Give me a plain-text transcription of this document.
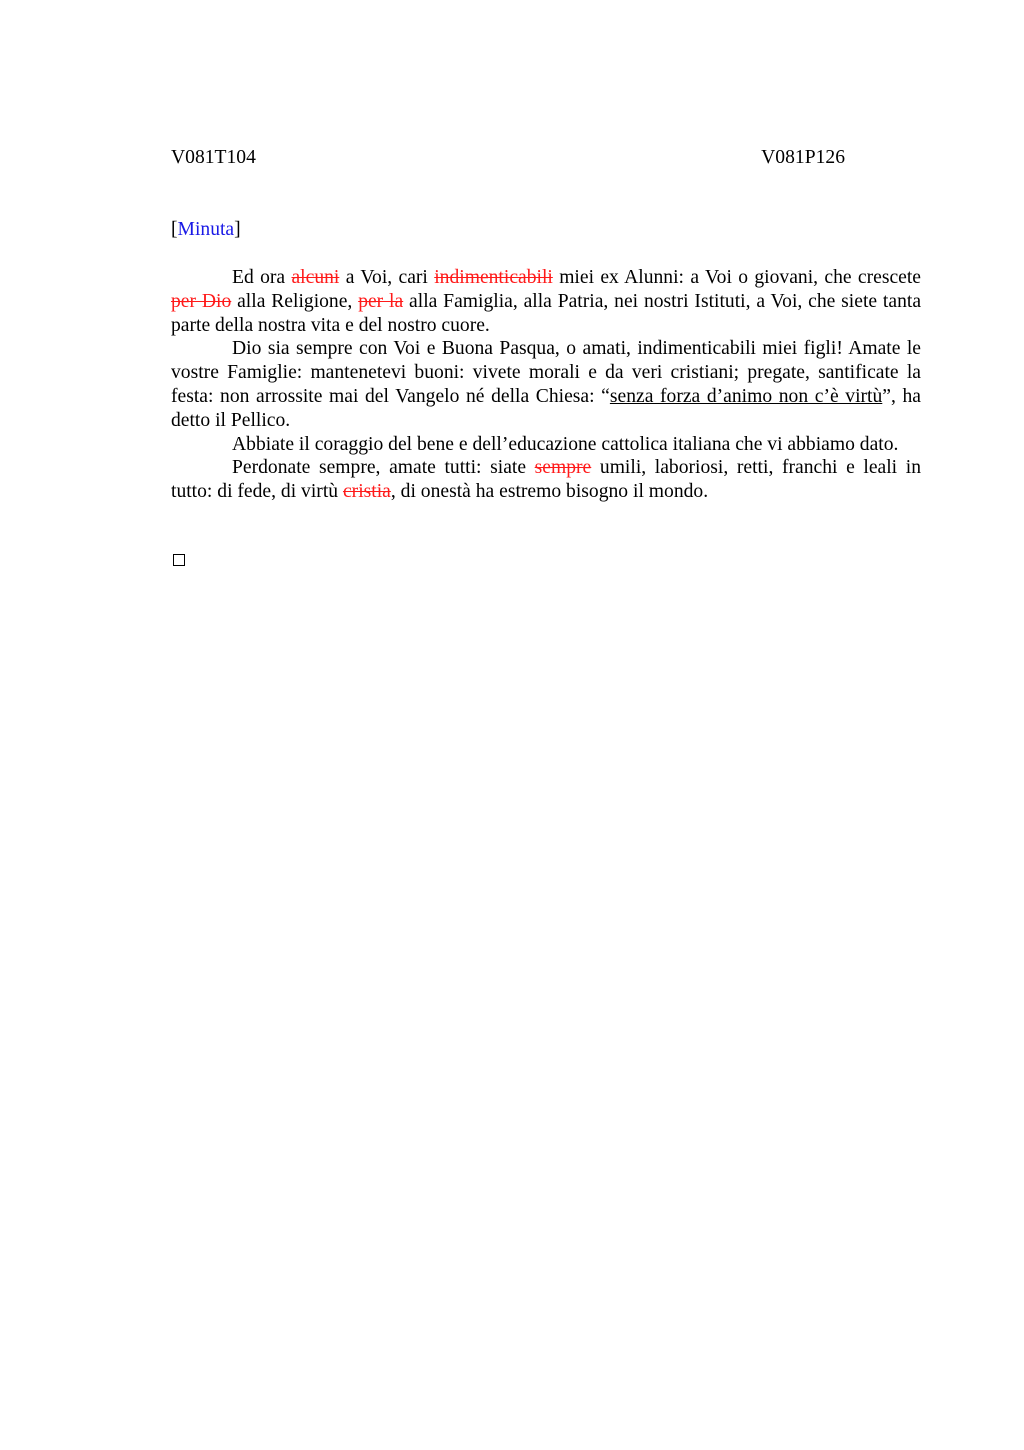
V081T104	V081P126
[Minuta]

Ed ora alcuni a Voi, cari indimenticabili miei ex Alunni: a Voi o giovani, che crescete per Dio alla Religione, per la alla Famiglia, alla Patria, nei nostri Istituti, a Voi, che siete tanta parte della nostra vita e del nostro cuore.

Dio sia sempre con Voi e Buona Pasqua, o amati, indimenticabili miei figli! Amate le vostre Famiglie: mantenetevi buoni: vivete morali e da veri cristiani; pregate, santificate la festa: non arrossite mai del Vangelo né della Chiesa: “senza forza d’animo non c’è virtù”, ha detto il Pellico.

Abbiate il coraggio del bene e dell’educazione cattolica italiana che vi abbiamo dato.

Perdonate sempre, amate tutti: siate sempre umili, laboriosi, retti, franchi e leali in tutto: di fede, di virtù cristia, di onestà ha estremo bisogno il mondo.
